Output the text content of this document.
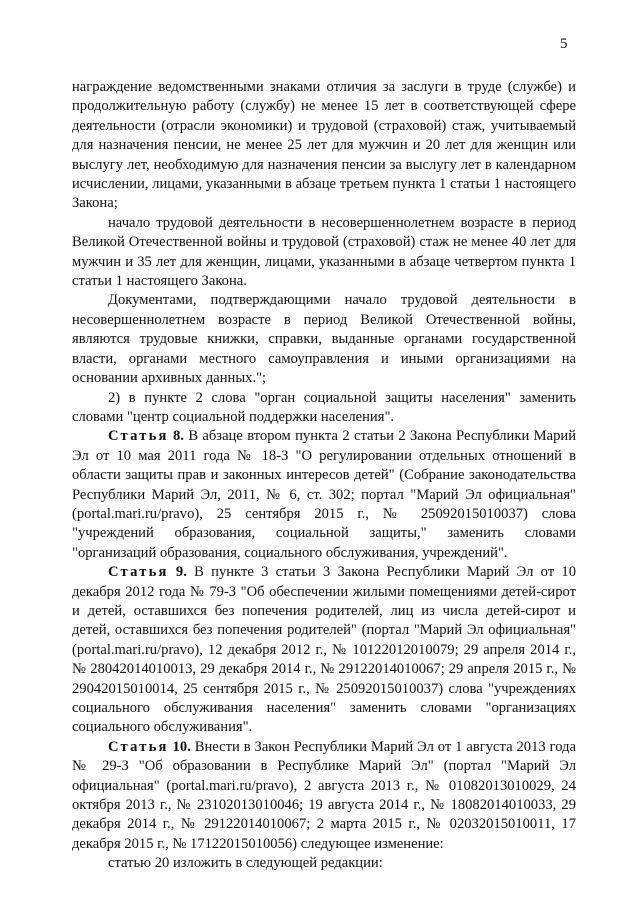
5

награждение ведомственными знаками отличия за заслуги в труде (службе) и продолжительную работу (службу) не менее 15 лет в соответствующей сфере деятельности (отрасли экономики) и трудовой (страховой) стаж, учитываемый для назначения пенсии, не менее 25 лет для мужчин и 20 лет для женщин или выслугу лет, необходимую для назначения пенсии за выслугу лет в календарном исчислении, лицами, указанными в абзаце третьем пункта 1 статьи 1 настоящего Закона;

начало трудовой деятельности в несовершеннолетнем возрасте в период Великой Отечественной войны и трудовой (страховой) стаж не менее 40 лет для мужчин и 35 лет для женщин, лицами, указанными в абзаце четвертом пункта 1 статьи 1 настоящего Закона.

Документами, подтверждающими начало трудовой деятельности в несовершеннолетнем возрасте в период Великой Отечественной войны, являются трудовые книжки, справки, выданные органами государственной власти, органами местного самоуправления и иными организациями на основании архивных данных.";

2) в пункте 2 слова "орган социальной защиты населения" заменить словами "центр социальной поддержки населения".

Статья 8. В абзаце втором пункта 2 статьи 2 Закона Республики Марий Эл от 10 мая 2011 года № 18-З "О регулировании отдельных отношений в области защиты прав и законных интересов детей" (Собрание законодательства Республики Марий Эл, 2011, № 6, ст. 302; портал "Марий Эл официальная" (portal.mari.ru/pravo), 25 сентября 2015 г., № 25092015010037) слова "учреждений образования, социальной защиты," заменить словами "организаций образования, социального обслуживания, учреждений".

Статья 9. В пункте 3 статьи 3 Закона Республики Марий Эл от 10 декабря 2012 года № 79-З "Об обеспечении жилыми помещениями детей-сирот и детей, оставшихся без попечения родителей, лиц из числа детей-сирот и детей, оставшихся без попечения родителей" (портал "Марий Эл официальная" (portal.mari.ru/pravo), 12 декабря 2012 г., № 10122012010079; 29 апреля 2014 г., № 28042014010013, 29 декабря 2014 г., № 29122014010067; 29 апреля 2015 г., № 29042015010014, 25 сентября 2015 г., № 25092015010037) слова "учреждениях социального обслуживания населения" заменить словами "организациях социального обслуживания".

Статья 10. Внести в Закон Республики Марий Эл от 1 августа 2013 года № 29-З "Об образовании в Республике Марий Эл" (портал "Марий Эл официальная" (portal.mari.ru/pravo), 2 августа 2013 г., № 01082013010029, 24 октября 2013 г., № 23102013010046; 19 августа 2014 г., № 18082014010033, 29 декабря 2014 г., № 29122014010067; 2 марта 2015 г., № 02032015010011, 17 декабря 2015 г., № 17122015010056) следующее изменение:

статью 20 изложить в следующей редакции:
